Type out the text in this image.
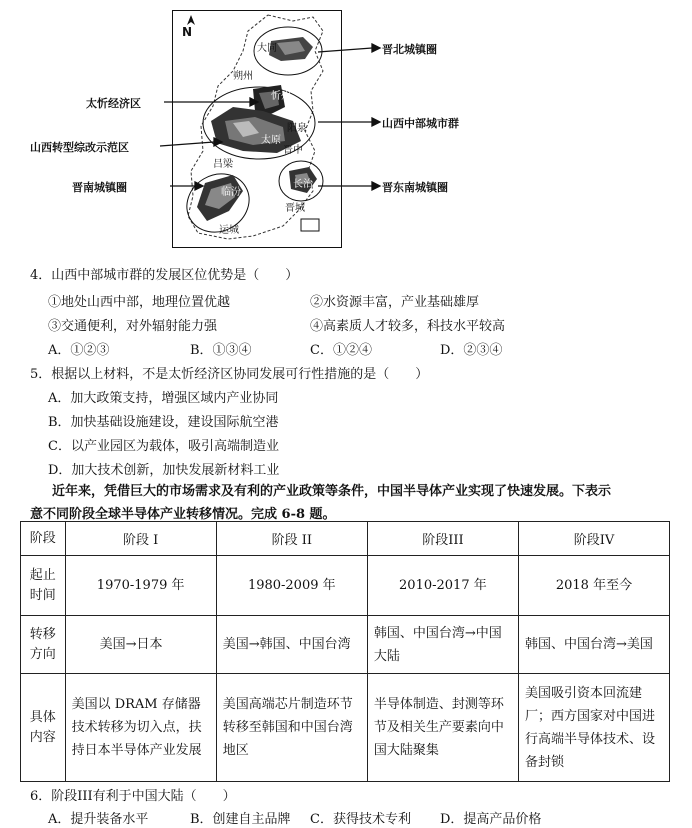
N
大同
朔州
忻州
太原
阳泉
晋中
吕梁
临汾
长治
晋城
运城
晋北城镇圈
太忻经济区
山西中部城市群
山西转型综改示范区
晋南城镇圈	晋东南城镇圈
4．山西中部城市群的发展区位优势是（　　）
①地处山西中部，地理位置优越	②水资源丰富，产业基础雄厚
③交通便利，对外辐射能力强	④高素质人才较多，科技水平较高
A．①②③	B．①③④	C．①②④	D．②③④
5．根据以上材料，不是太忻经济区协同发展可行性措施的是（　　）
A．加大政策支持，增强区域内产业协同
B．加快基础设施建设，建设国际航空港
C．以产业园区为载体，吸引高端制造业
D．加大技术创新，加快发展新材料工业
近年来，凭借巨大的市场需求及有利的产业政策等条件，中国半导体产业实现了快速发展。下表示
意不同阶段全球半导体产业转移情况。完成 6-8 题。
阶段	阶段 I	阶段 II	阶段III	阶段IV
起止时间	1970-1979 年	1980-2009 年	2010-2017 年	2018 年至今
转移方向	美国→日本	美国→韩国、中国台湾	韩国、中国台湾→中国大陆	韩国、中国台湾→美国
具体内容	美国以 DRAM 存储器技术转移为切入点，扶持日本半导体产业发展	美国高端芯片制造环节转移至韩国和中国台湾地区	半导体制造、封测等环节及相关生产要素向中国大陆聚集	美国吸引资本回流建厂；西方国家对中国进行高端半导体技术、设备封锁
6．阶段III有利于中国大陆（　　）
A．提升装备水平	B．创建自主品牌 C．获得技术专利 D．提高产品价格
